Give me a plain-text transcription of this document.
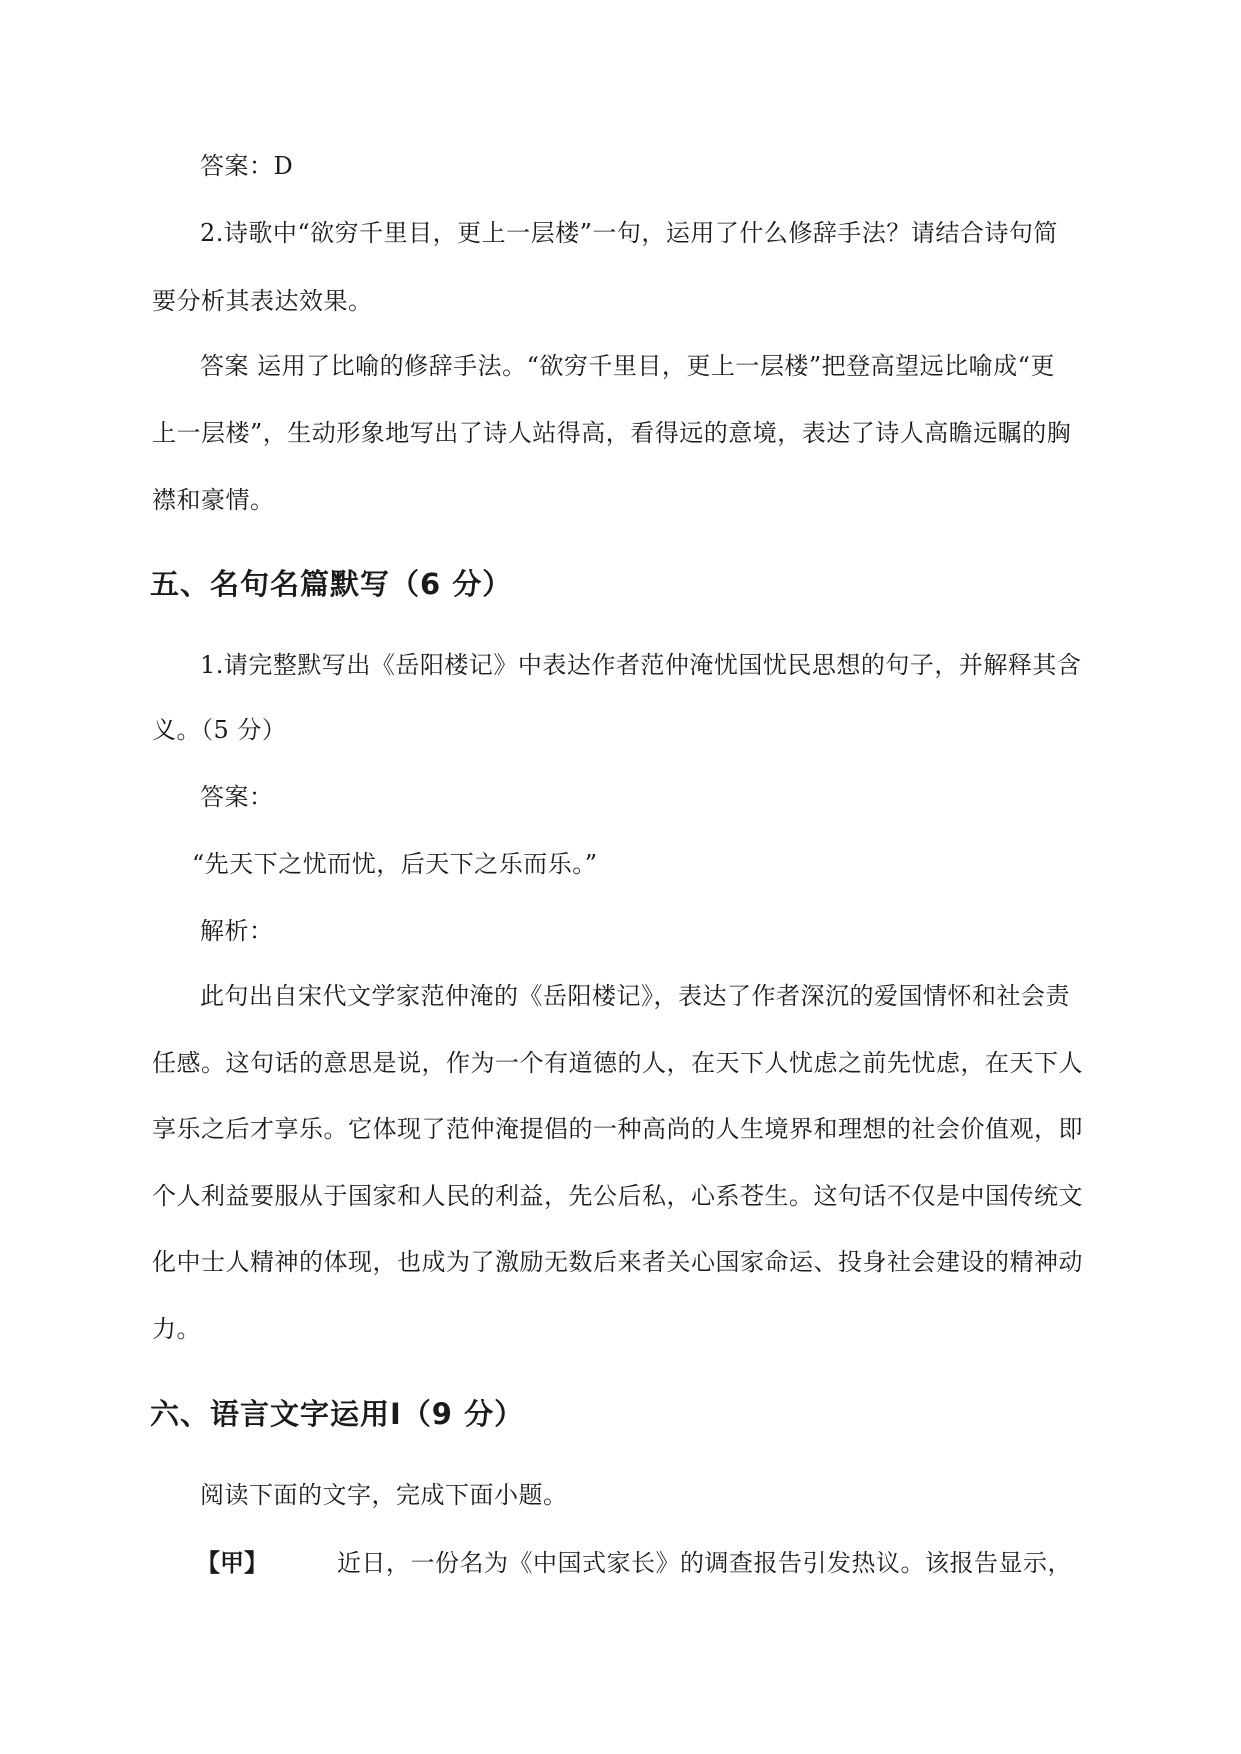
答案：D
2.诗歌中“欲穷千里目，更上一层楼”一句，运用了什么修辞手法？请结合诗句简
要分析其表达效果。
答案 运用了比喻的修辞手法。“欲穷千里目，更上一层楼”把登高望远比喻成“更
上一层楼”，生动形象地写出了诗人站得高，看得远的意境，表达了诗人高瞻远瞩的胸
襟和豪情。
五、名句名篇默写（6 分）
1.请完整默写出《岳阳楼记》中表达作者范仲淹忧国忧民思想的句子，并解释其含
义。（5 分）
答案：
“先天下之忧而忧，后天下之乐而乐。”
解析：
此句出自宋代文学家范仲淹的《岳阳楼记》，表达了作者深沉的爱国情怀和社会责
任感。这句话的意思是说，作为一个有道德的人，在天下人忧虑之前先忧虑，在天下人
享乐之后才享乐。它体现了范仲淹提倡的一种高尚的人生境界和理想的社会价值观，即
个人利益要服从于国家和人民的利益，先公后私，心系苍生。这句话不仅是中国传统文
化中士人精神的体现，也成为了激励无数后来者关心国家命运、投身社会建设的精神动
力。
六、语言文字运用Ⅰ（9 分）
阅读下面的文字，完成下面小题。
【甲】	近日，一份名为《中国式家长》的调查报告引发热议。该报告显示，
